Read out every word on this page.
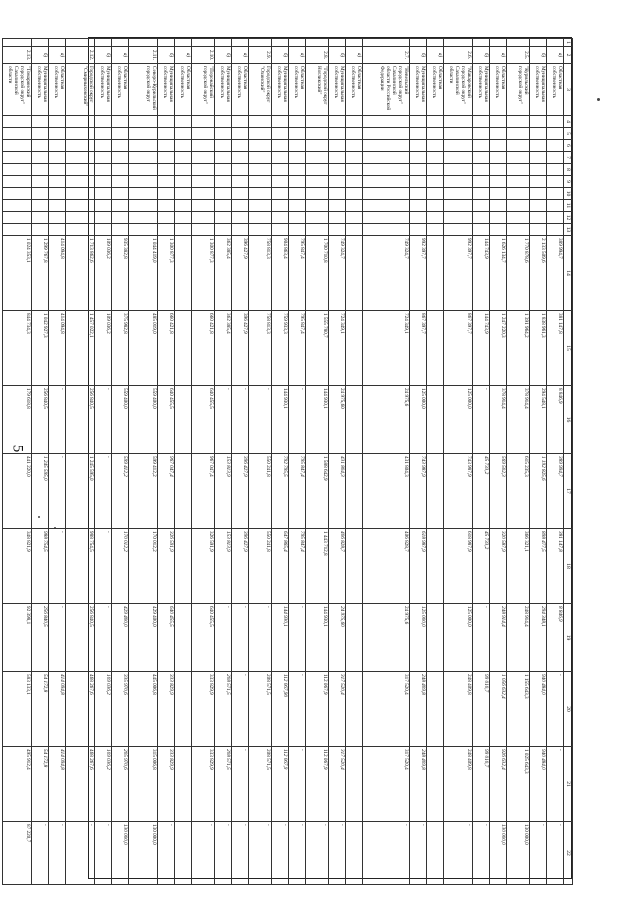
5
1	2	3	4	5	6	7	8	9	10	11	12	13	14	15	16	17	18	19	20	21	22
	а)	Областная собственность											389 994,7	381 147,8	8 846,9	389 994,7	381 147,8	8 846,9	-	-	-
	б)	Муниципальная собственность											2 133 509,6	1 838 961,3	294 548,1	1 192 825,6	898 477,5	294 348,1	940 484,0	940 484,0	-
	2.5.	"Курильский городской округ"											1 770 878,6	1 391 964,2	378 914,4	615 235,3	366 321,1	248 914,4	1 155 643,3	1 025 643,3	130 000,0
	а)	Областная собственность											1 626 134,7	1 247 220,3	378 914,4	569 502,3	320 587,9	248 914,4	1 056 632,4	926 632,4	130 000,0
	б)	Муниципальная собственность											144 743,9	144 743,9	-	45 733,2	45 733,2	-	99 010,7	99 010,7	-
	2.6.	"Макаровский городской округ" Сахалинской области											992 397,7	867 397,7	125 000,0	743 987,9	618 987,9	125 000,0	248 409,8	248 409,8	-
	а)	Областная собственность																			
	б)	Муниципальная собственность											992 397,7	867 397,7	125 000,0	743 987,9	618 987,9	125 000,0	248 409,8	248 409,8	-
	2.7.	"Невельский городской округ" Сахалинской области Российской Федерации											749 324,7	724 349,1	24 975,6	431 804,3	406 828,7	24 975,6	317 520,4	317 520,4	-
	а)	Областная собственность																			
	б)	Муниципальная собственность											749 324,7	724 349,1	24 975,60	431 804,3	406 828,7	24 975,60	317 520,4	317 520,4	-
	2.8.	"Городской округ Ногликский"											1 700 710,8	1 555 780,7	144 930,1	1 588 642,9	1 443 712,8	144 930,1	112 067,9	112 067,9	-
	а)	Областная собственность											795 847,4	795 847,4	-	795 847,4	795 847,4	-	-	-	-
	б)	Муниципальная собственность											904 863,4	759 933,3	144 930,1	792 795,5	647 865,4	144 930,1	112 067,90	112 067,9	-
	2.9.	Городской округ "Охинский"											758 813,3	758 813,3	-	550 241,8	550 241,8	-	208 571,5	208 571,5	-
	а)	Областная собственность											396 427,9	396 427,9	-	396 427,9	396 427,9	-	-	-	-
	б)	Муниципальная собственность											362 385,4	362 385,4	-	153 813,9	153 813,9	-	208 571,5	208 571,5	-
	2.10.	"Поронайский городской округ"											1 300 877,3	660 421,8	640 455,5	967 047,4	326 591,9	640 455,5	333 829,9	333 829,9	-
	а)	Областная собственность																			
	б)	Муниципальная собственность											1 300 877,3	660 421,8	640 455,5	967 047,4	326 591,9	640 455,5	333 829,9	333 829,9	-
	2.11.	Северо-Курильский городской округ											1 044 419,0	485 019,0	559 400,0	599 412,2	170 012,2	429 400,0	445 006,8	315 006,8	130 000,0
	а)	Областная собственность											935 382,8	375 982,8	559 400,0	599 412,2	170 012,2	429 400,0	335 970,6	205 970,6	130 000,0
	б)	Муниципальная собственность											109 036,2	109 036,2	-	-	-	-	109 036,2	109 036,2	-
	2.12.	Городской округ "Смирныховский"											1 713 862,6	1 457 022,1	256 840,5	1 245 595,0	988 754,5	256 840,5	468 267,6	468 267,6	-
	а)	Областная собственность											414 094,8	414 094,8	-	-	-	-	414 094,8	414 094,8	-
	б)	Муниципальная собственность											1 299 767,8	1 042 927,3	256 840,5	1 245 595,0	988 754,5	256 840,5	54 172,8	54 172,8	-
	2.13.	"Томаринский городской округ" Сахалинской области											1 024 353,1	844 734,3	179 618,8	441 220,0	348 821,9	92 398,1	583 133,1	495 912,4	87 220,7
